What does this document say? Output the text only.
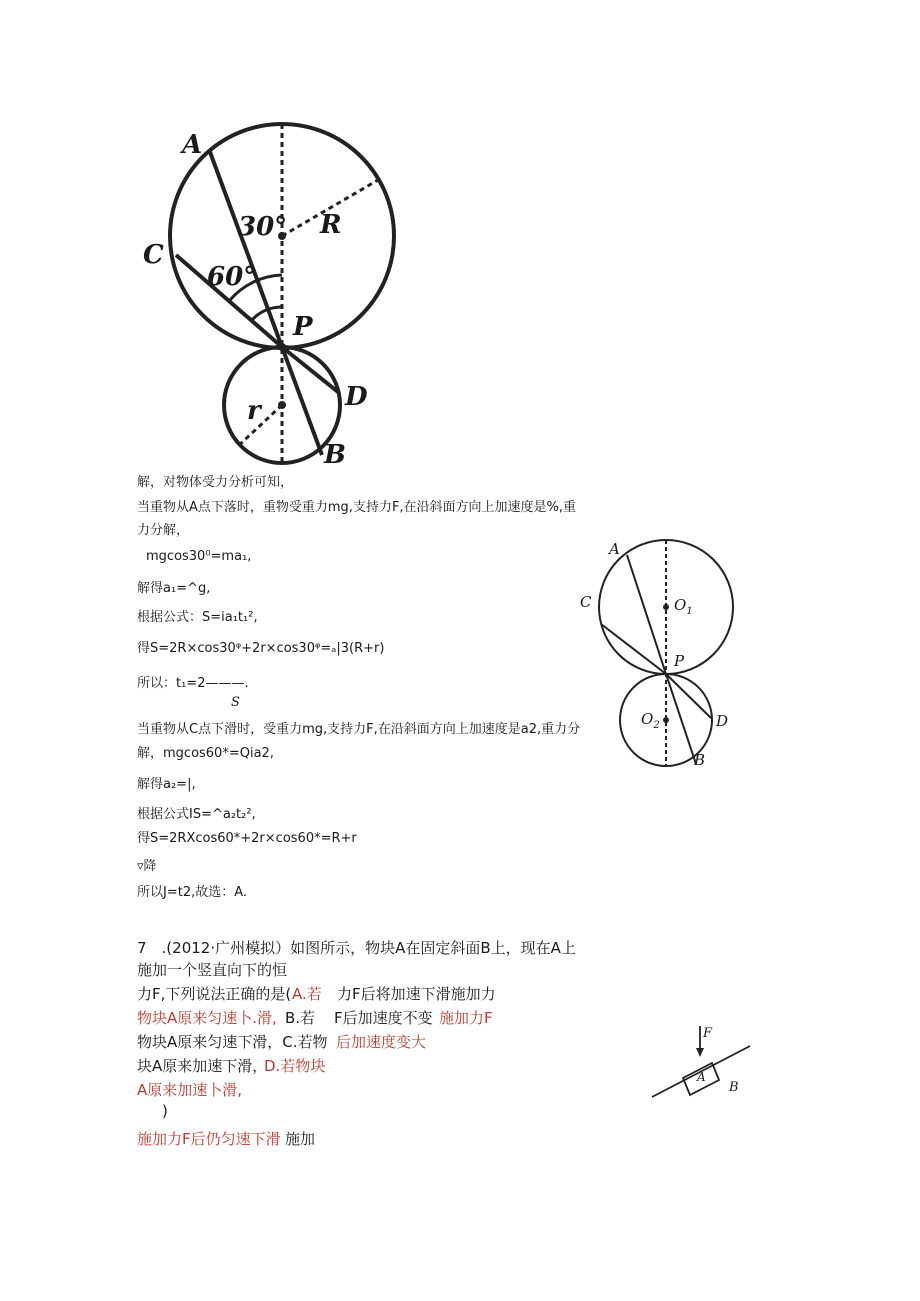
A
C
30°
60°
R
P
D
r
B
A
C	$O_1$
P
$O_2$	D
B
F
A
B
解，对物体受力分析可知，
当重物从A点下落时，重物受重力mg,支持力F,在沿斜面方向上加速度是%,重
力分解，
mgcos30⁰=ma₁,
解得a₁=^g,
根据公式：S=ia₁t₁²,
得S=2R×cos30ᵠ+2r×cos30ᵠ=ₐ|3(R+r)
所以：t₁=2———.
S
当重物从C点下滑时，受重力mg,支持力F,在沿斜面方向上加速度是a2,重力分
解，mgcos60*=Qia2,
解得a₂=|,
根据公式IS=^a₂t₂²,
得S=2RXcos60*+2r×cos60*=R+r
▿降
所以J=t2,故选：A.
7　.(2012·广州模拟）如图所示，物块A在固定斜面B上，现在A上
施加一个竖直向下的恒
力F,下列说法正确的是( A.若 力F后将加速下滑施加力
物块A原来匀速卜.滑, B.若 F后加速度不变 施加力F
物块A原来匀速下滑，C.若物 后加速度变大
块A原来加速下滑，
D.若物块
A原来加速卜滑,
)
施加力F后仍匀速下滑 施加
